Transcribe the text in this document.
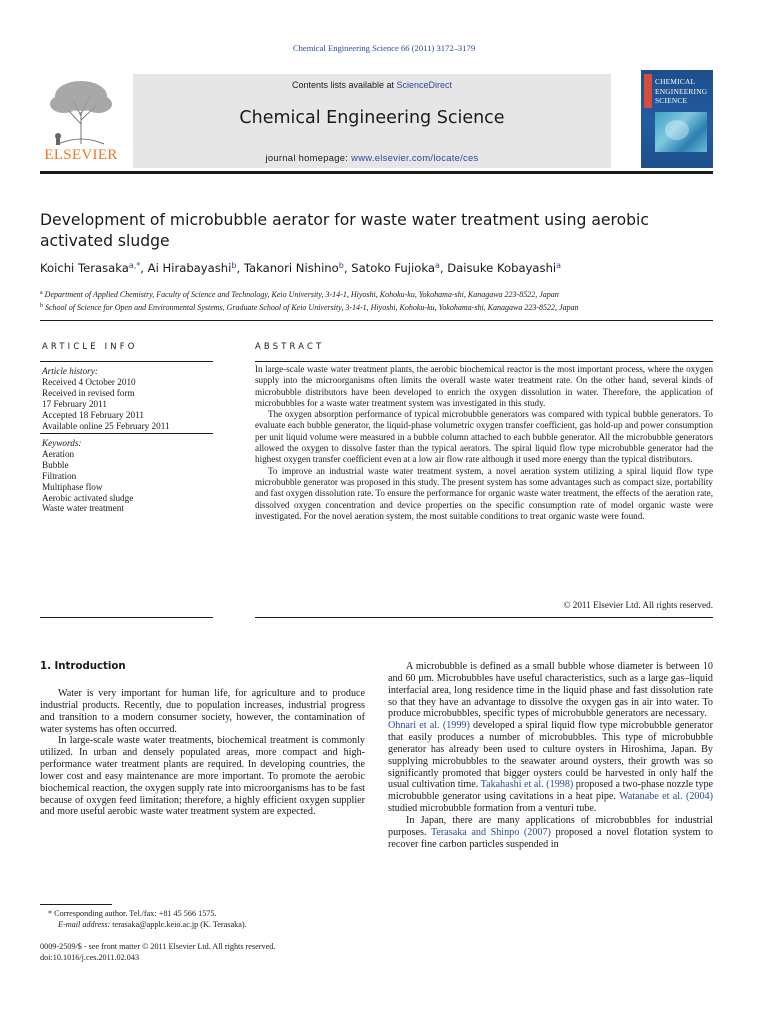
Chemical Engineering Science 66 (2011) 3172–3179
ELSEVIER
Contents lists available at ScienceDirect
Chemical Engineering Science
journal homepage: www.elsevier.com/locate/ces
CHEMICAL
ENGINEERING
SCIENCE
Development of microbubble aerator for waste water treatment using aerobic activated sludge
Koichi Terasaka$^{a,*}$, Ai Hirabayashi$^b$, Takanori Nishino$^b$, Satoko Fujioka$^a$, Daisuke Kobayashi$^a$
$^a$ Department of Applied Chemistry, Faculty of Science and Technology, Keio University, 3-14-1, Hiyoshi, Kohoku-ku, Yokohama-shi, Kanagawa 223-8522, Japan
$^b$ School of Science for Open and Environmental Systems, Graduate School of Keio University, 3-14-1, Hiyoshi, Kohoku-ku, Yokohama-shi, Kanagawa 223-8522, Japan
ARTICLE INFO	ABSTRACT
Article history:
Received 4 October 2010
Received in revised form
17 February 2011
Accepted 18 February 2011
Available online 25 February 2011
Keywords:
Aeration
Bubble
Filtration
Multiphase flow
Aerobic activated sludge
Waste water treatment

In large-scale waste water treatment plants, the aerobic biochemical reactor is the most important process, where the oxygen supply into the microorganisms often limits the overall waste water treatment rate. On the other hand, several kinds of microbubble distributors have been developed to enrich the oxygen dissolution in water. Therefore, the application of microbubbles for a waste water treatment system was investigated in this study.

The oxygen absorption performance of typical microbubble generators was compared with typical bubble generators. To evaluate each bubble generator, the liquid-phase volumetric oxygen transfer coefficient, gas hold-up and power consumption per unit liquid volume were measured in a bubble column attached to each bubble generator. All the microbubble generators allowed the oxygen to dissolve faster than the typical aerators. The spiral liquid flow type microbubble generator had the highest oxygen transfer coefficient even at a low air flow rate although it used more energy than the typical distributors.

To improve an industrial waste water treatment system, a novel aeration system utilizing a spiral liquid flow type microbubble generator was proposed in this study. The present system has some advantages such as compact size, portability and fast oxygen dissolution rate. To ensure the performance for organic waste water treatment, the effects of the aeration rate, dissolved oxygen concentration and device properties on the specific consumption rate of model organic waste were investigated. For the novel aeration system, the most suitable conditions to treat organic waste were found.

© 2011 Elsevier Ltd. All rights reserved.
1. Introduction

Water is very important for human life, for agriculture and to produce industrial products. Recently, due to population increases, industrial progress and transition to a modern consumer society, however, the contamination of water systems has often occurred.

In large-scale waste water treatments, biochemical treatment is commonly utilized. In urban and densely populated areas, more compact and high-performance water treatment plants are required. In developing countries, the lower cost and easy maintenance are more important. To promote the aerobic biochemical reaction, the oxygen supply rate into microorganisms has to be fast because of oxygen feed limitation; therefore, a highly efficient oxygen supplier and more useful aerobic waste water treatment system are expected.

A microbubble is defined as a small bubble whose diameter is between 10 and 60 μm. Microbubbles have useful characteristics, such as a large gas–liquid interfacial area, long residence time in the liquid phase and fast dissolution rate so that they have an advantage to dissolve the oxygen gas in air into water. To produce microbubbles, specific types of microbubble generators are necessary.

Ohnari et al. (1999) developed a spiral liquid flow type microbubble generator that easily produces a number of microbubbles. This type of microbubble generator has already been used to culture oysters in Hiroshima, Japan. By supplying microbubbles to the seawater around oysters, their growth was so significantly promoted that bigger oysters could be harvested in only half the usual cultivation time. Takahashi et al. (1998) proposed a two-phase nozzle type microbubble generator using cavitations in a heat pipe. Watanabe et al. (2004) studied microbubble formation from a venturi tube.

In Japan, there are many applications of microbubbles for industrial purposes. Terasaka and Shinpo (2007) proposed a novel flotation system to recover fine carbon particles suspended in

* Corresponding author. Tel./fax: +81 45 566 1575.
E-mail address: terasaka@applc.keio.ac.jp (K. Terasaka).
0009-2509/$ - see front matter © 2011 Elsevier Ltd. All rights reserved.
doi:10.1016/j.ces.2011.02.043
